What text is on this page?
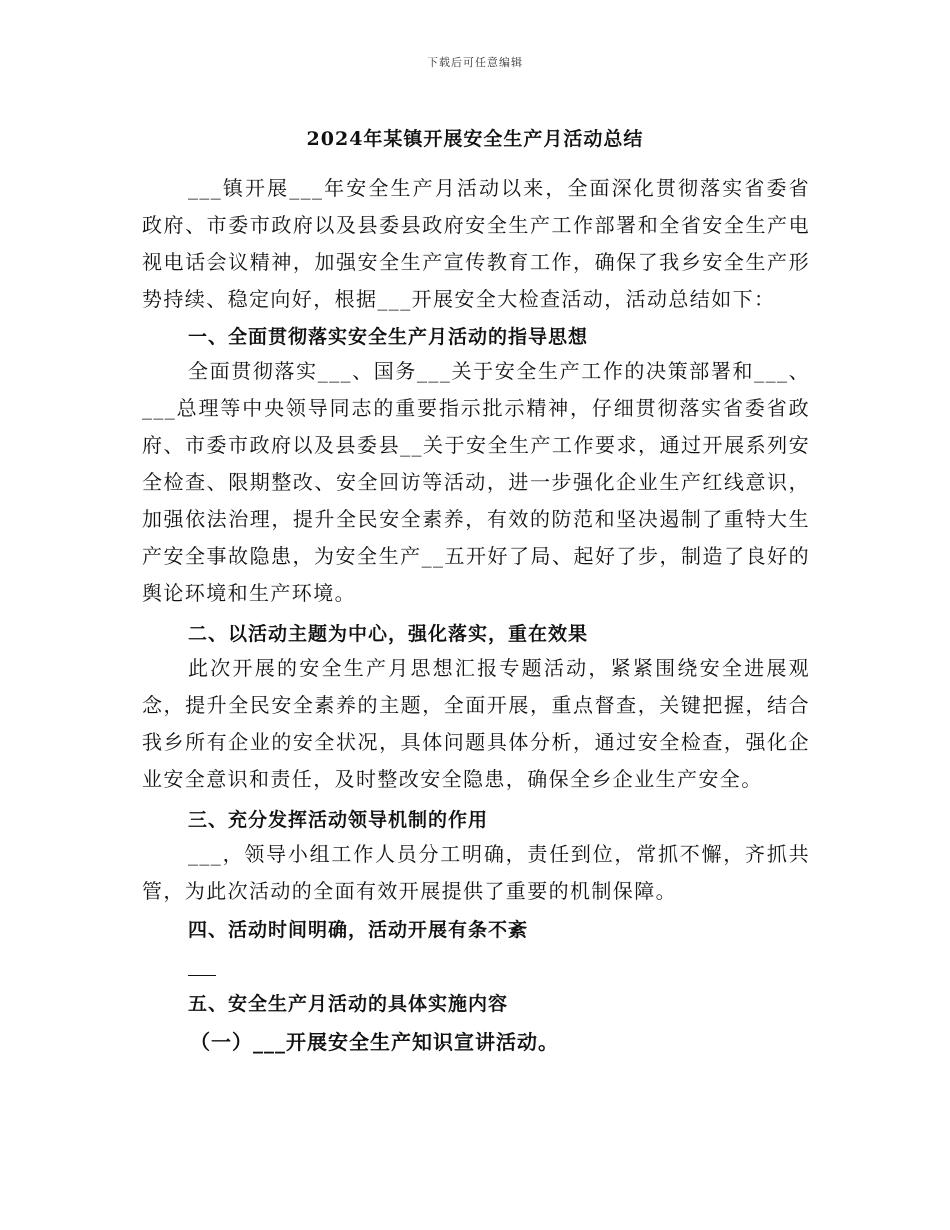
下载后可任意编辑
2024年某镇开展安全生产月活动总结

___镇开展___年安全生产月活动以来，全面深化贯彻落实省委省政府、市委市政府以及县委县政府安全生产工作部署和全省安全生产电视电话会议精神，加强安全生产宣传教育工作，确保了我乡安全生产形势持续、稳定向好，根据___开展安全大检查活动，活动总结如下：

一、全面贯彻落实安全生产月活动的指导思想

全面贯彻落实___、国务___关于安全生产工作的决策部署和___、___总理等中央领导同志的重要指示批示精神，仔细贯彻落实省委省政府、市委市政府以及县委县__关于安全生产工作要求，通过开展系列安全检查、限期整改、安全回访等活动，进一步强化企业生产红线意识，加强依法治理，提升全民安全素养，有效的防范和坚决遏制了重特大生产安全事故隐患，为安全生产__五开好了局、起好了步，制造了良好的舆论环境和生产环境。

二、以活动主题为中心，强化落实，重在效果

此次开展的安全生产月思想汇报专题活动，紧紧围绕安全进展观念，提升全民安全素养的主题，全面开展，重点督查，关键把握，结合我乡所有企业的安全状况，具体问题具体分析，通过安全检查，强化企业安全意识和责任，及时整改安全隐患，确保全乡企业生产安全。

三、充分发挥活动领导机制的作用

___，领导小组工作人员分工明确，责任到位，常抓不懈，齐抓共管，为此次活动的全面有效开展提供了重要的机制保障。

四、活动时间明确，活动开展有条不紊

五、安全生产月活动的具体实施内容

（一）___开展安全生产知识宣讲活动。
